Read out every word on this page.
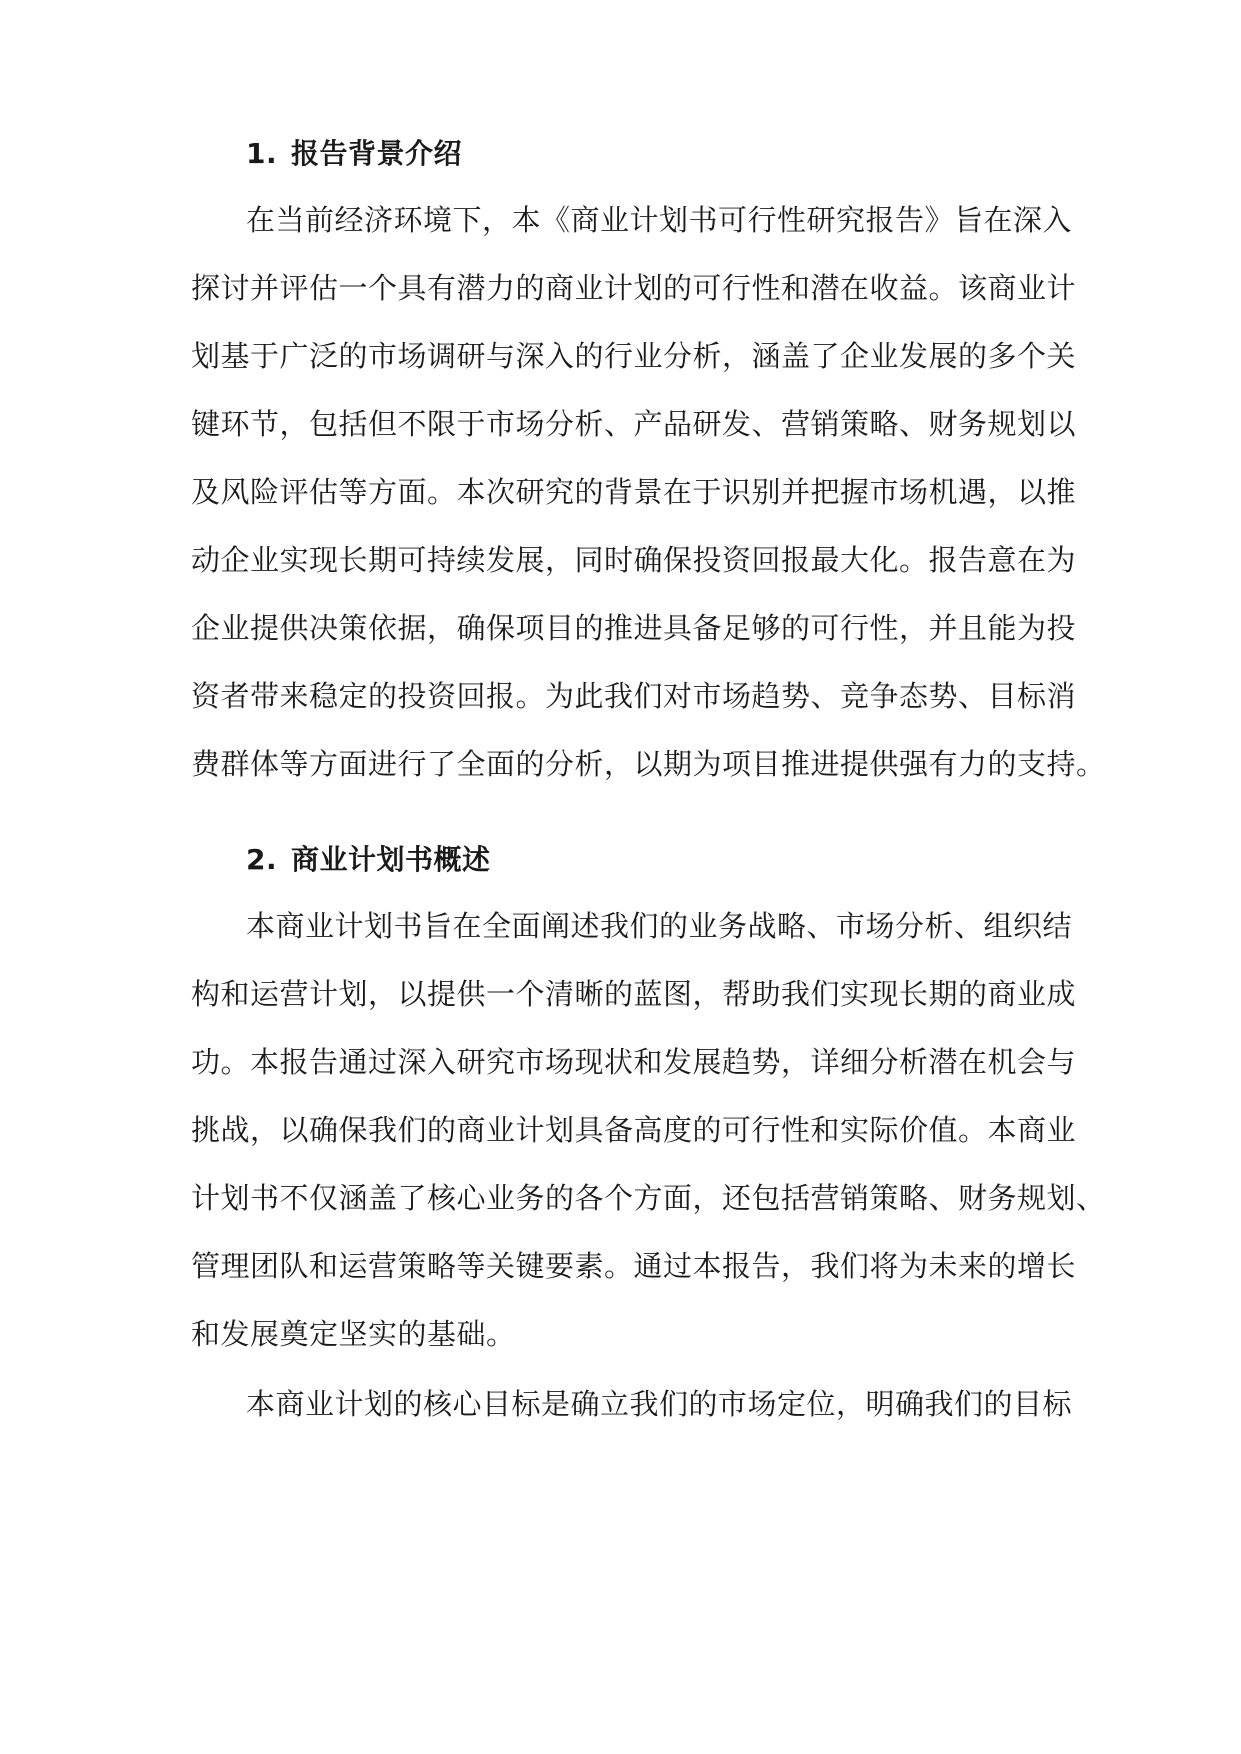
1. 报告背景介绍
在当前经济环境下，本《商业计划书可行性研究报告》旨在深入
探讨并评估一个具有潜力的商业计划的可行性和潜在收益。该商业计
划基于广泛的市场调研与深入的行业分析，涵盖了企业发展的多个关
键环节，包括但不限于市场分析、产品研发、营销策略、财务规划以
及风险评估等方面。本次研究的背景在于识别并把握市场机遇，以推
动企业实现长期可持续发展，同时确保投资回报最大化。报告意在为
企业提供决策依据，确保项目的推进具备足够的可行性，并且能为投
资者带来稳定的投资回报。为此我们对市场趋势、竞争态势、目标消
费群体等方面进行了全面的分析，以期为项目推进提供强有力的支持。
2. 商业计划书概述
本商业计划书旨在全面阐述我们的业务战略、市场分析、组织结
构和运营计划，以提供一个清晰的蓝图，帮助我们实现长期的商业成
功。本报告通过深入研究市场现状和发展趋势，详细分析潜在机会与
挑战，以确保我们的商业计划具备高度的可行性和实际价值。本商业
计划书不仅涵盖了核心业务的各个方面，还包括营销策略、财务规划、
管理团队和运营策略等关键要素。通过本报告，我们将为未来的增长
和发展奠定坚实的基础。
本商业计划的核心目标是确立我们的市场定位，明确我们的目标
